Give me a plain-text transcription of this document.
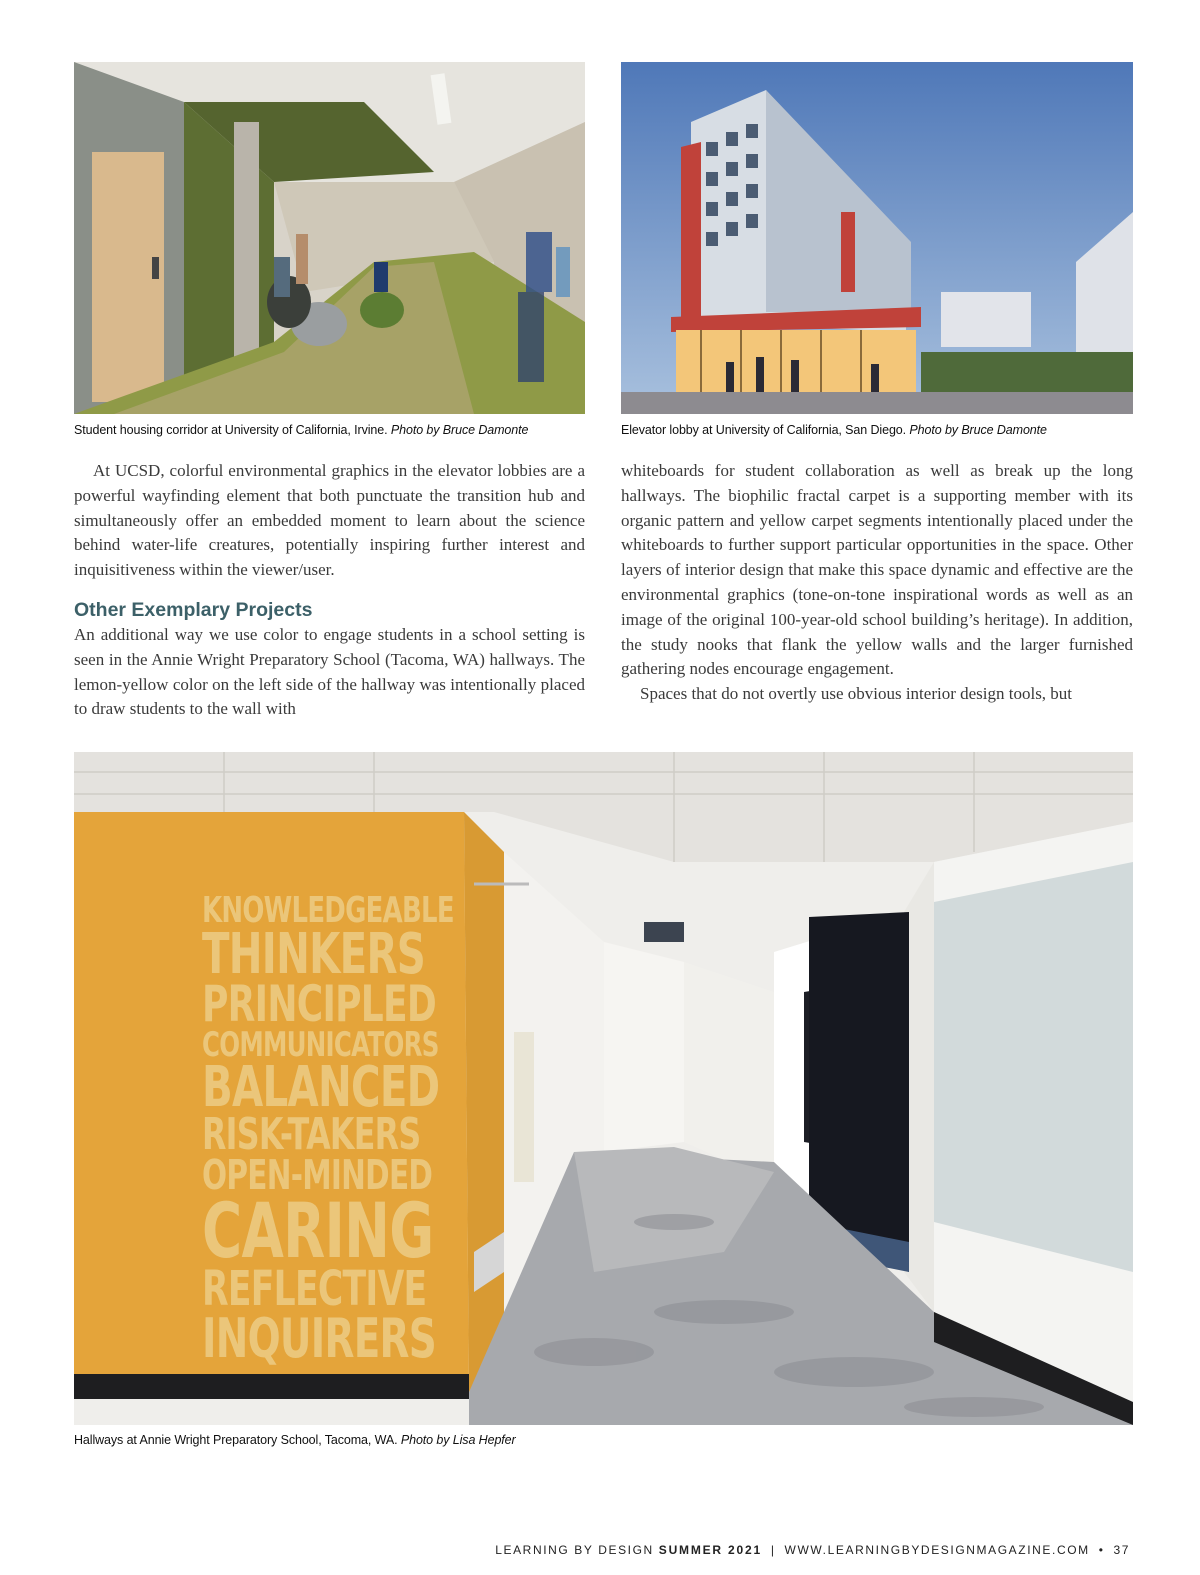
Student housing corridor at University of California, Irvine. Photo by Bruce Damonte	Elevator lobby at University of California, San Diego. Photo by Bruce Damonte

At UCSD, colorful environmental graphics in the elevator lobbies are a powerful wayfinding element that both punctuate the transition hub and simultaneously offer an embedded moment to learn about the science behind water-life creatures, potentially inspiring further interest and inquisitiveness within the viewer/user.

Other Exemplary Projects

An additional way we use color to engage students in a school setting is seen in the Annie Wright Preparatory School (Tacoma, WA) hallways. The lemon-yellow color on the left side of the hallway was intentionally placed to draw students to the wall with

whiteboards for student collaboration as well as break up the long hallways. The biophilic fractal carpet is a supporting member with its organic pattern and yellow carpet segments intentionally placed under the whiteboards to further support particular opportunities in the space. Other layers of interior design that make this space dynamic and effective are the environmental graphics (tone-on-tone inspirational words as well as an image of the original 100-year-old school building’s heritage). In addition, the study nooks that flank the yellow walls and the larger furnished gathering nodes encourage engagement.

Spaces that do not overtly use obvious interior design tools, but

KNOWLEDGEABLE
THINKERS
PRINCIPLED
COMMUNICATORS
BALANCED
RISK-TAKERS
OPEN-MINDED
CARING
REFLECTIVE
INQUIRERS
Hallways at Annie Wright Preparatory School, Tacoma, WA. Photo by Lisa Hepfer
LEARNING BY DESIGN SUMMER 2021 | WWW.LEARNINGBYDESIGNMAGAZINE.COM • 37
